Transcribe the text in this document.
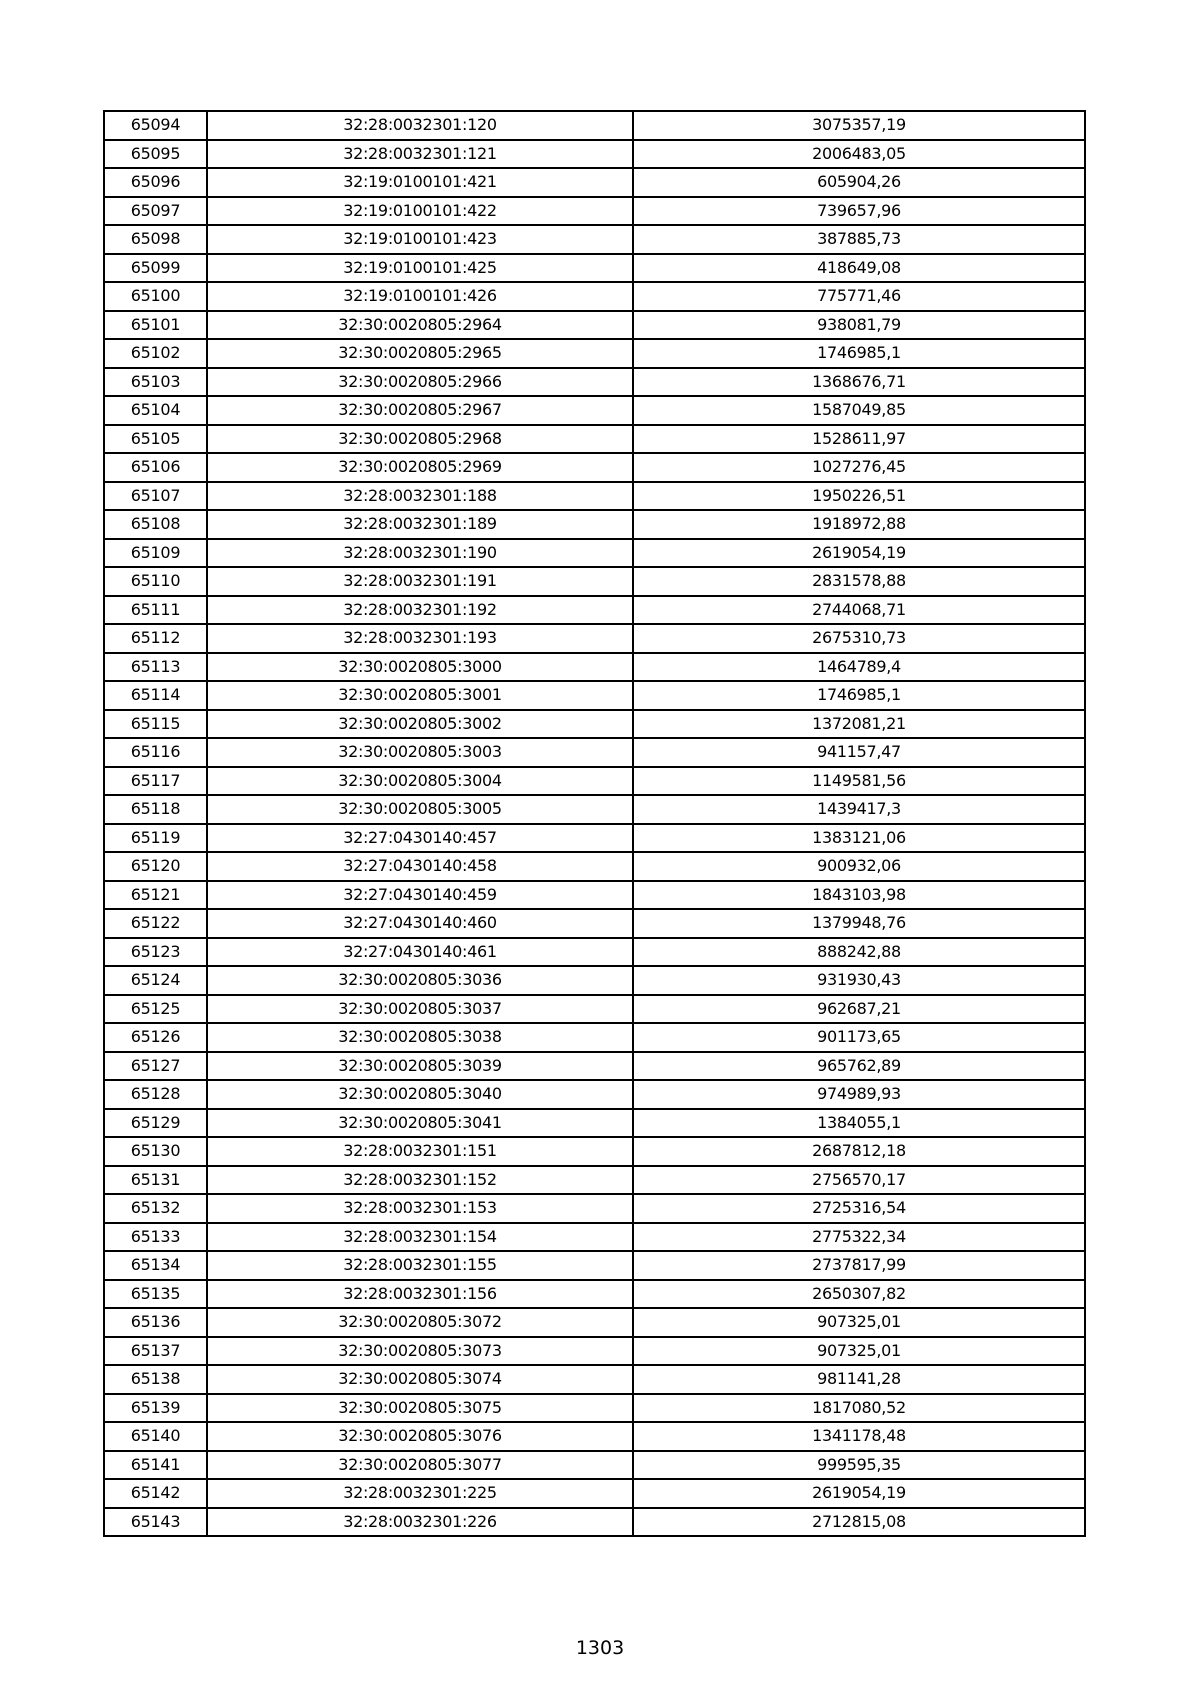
65094	32:28:0032301:120	3075357,19
65095	32:28:0032301:121	2006483,05
65096	32:19:0100101:421	605904,26
65097	32:19:0100101:422	739657,96
65098	32:19:0100101:423	387885,73
65099	32:19:0100101:425	418649,08
65100	32:19:0100101:426	775771,46
65101	32:30:0020805:2964	938081,79
65102	32:30:0020805:2965	1746985,1
65103	32:30:0020805:2966	1368676,71
65104	32:30:0020805:2967	1587049,85
65105	32:30:0020805:2968	1528611,97
65106	32:30:0020805:2969	1027276,45
65107	32:28:0032301:188	1950226,51
65108	32:28:0032301:189	1918972,88
65109	32:28:0032301:190	2619054,19
65110	32:28:0032301:191	2831578,88
65111	32:28:0032301:192	2744068,71
65112	32:28:0032301:193	2675310,73
65113	32:30:0020805:3000	1464789,4
65114	32:30:0020805:3001	1746985,1
65115	32:30:0020805:3002	1372081,21
65116	32:30:0020805:3003	941157,47
65117	32:30:0020805:3004	1149581,56
65118	32:30:0020805:3005	1439417,3
65119	32:27:0430140:457	1383121,06
65120	32:27:0430140:458	900932,06
65121	32:27:0430140:459	1843103,98
65122	32:27:0430140:460	1379948,76
65123	32:27:0430140:461	888242,88
65124	32:30:0020805:3036	931930,43
65125	32:30:0020805:3037	962687,21
65126	32:30:0020805:3038	901173,65
65127	32:30:0020805:3039	965762,89
65128	32:30:0020805:3040	974989,93
65129	32:30:0020805:3041	1384055,1
65130	32:28:0032301:151	2687812,18
65131	32:28:0032301:152	2756570,17
65132	32:28:0032301:153	2725316,54
65133	32:28:0032301:154	2775322,34
65134	32:28:0032301:155	2737817,99
65135	32:28:0032301:156	2650307,82
65136	32:30:0020805:3072	907325,01
65137	32:30:0020805:3073	907325,01
65138	32:30:0020805:3074	981141,28
65139	32:30:0020805:3075	1817080,52
65140	32:30:0020805:3076	1341178,48
65141	32:30:0020805:3077	999595,35
65142	32:28:0032301:225	2619054,19
65143	32:28:0032301:226	2712815,08
1303
